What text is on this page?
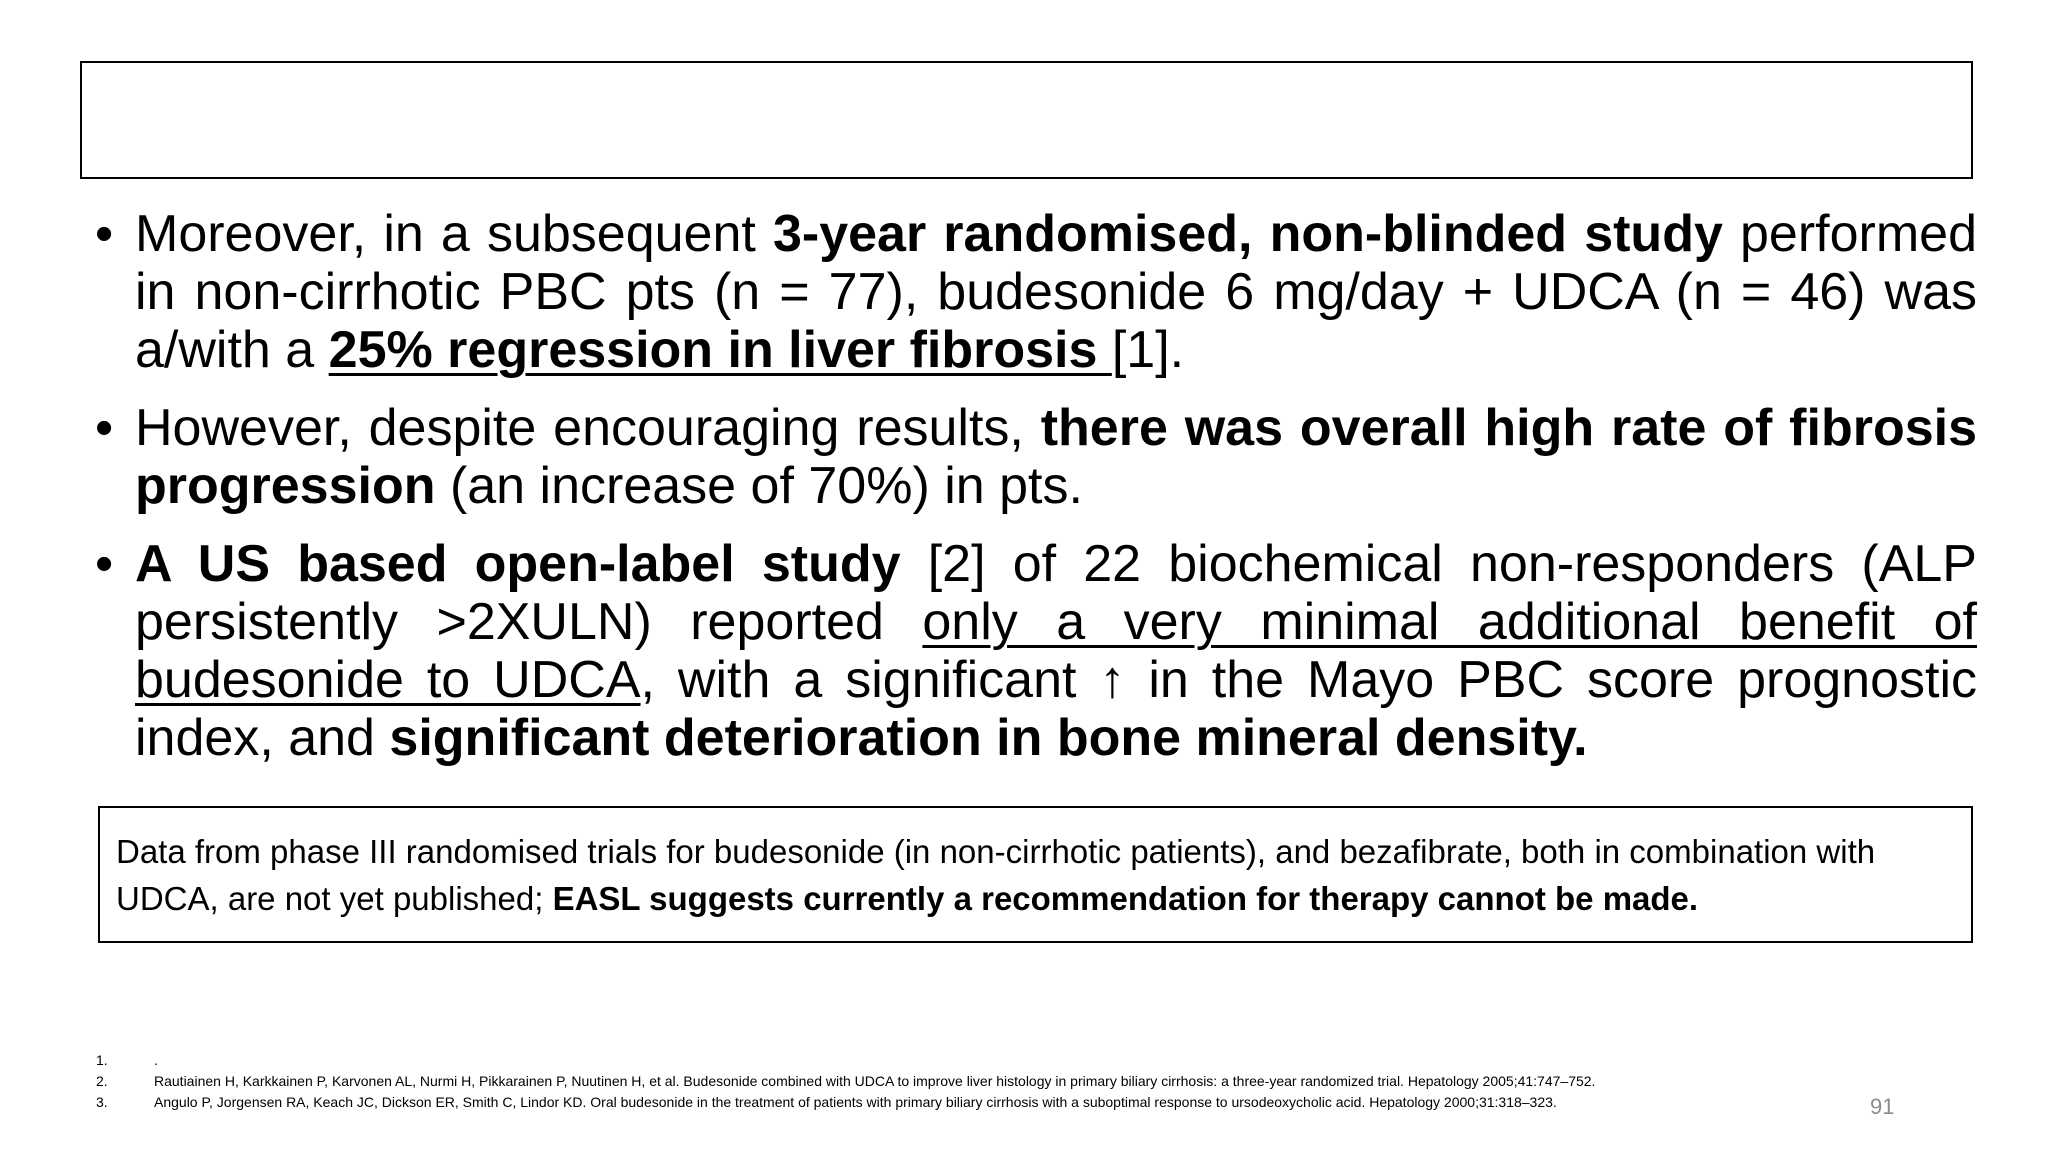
• Moreover, in a subsequent 3-year randomised, non-blinded study performed in non-cirrhotic PBC pts (n = 77), budesonide 6 mg/day + UDCA (n = 46) was a/with a 25% regression in liver fibrosis [1].
• However, despite encouraging results, there was overall high rate of fibrosis progression (an increase of 70%) in pts.
• A US based open-label study [2] of 22 biochemical non-responders (ALP persistently >2XULN) reported only a very minimal additional benefit of budesonide to UDCA, with a significant ↑ in the Mayo PBC score prognostic index, and significant deterioration in bone mineral density.
Data from phase III randomised trials for budesonide (in non-cirrhotic patients), and bezafibrate, both in combination with UDCA, are not yet published; EASL suggests currently a recommendation for therapy cannot be made.
1.	.
2.	Rautiainen H, Karkkainen P, Karvonen AL, Nurmi H, Pikkarainen P, Nuutinen H, et al. Budesonide combined with UDCA to improve liver histology in primary biliary cirrhosis: a three-year randomized trial. Hepatology 2005;41:747–752.
3.	Angulo P, Jorgensen RA, Keach JC, Dickson ER, Smith C, Lindor KD. Oral budesonide in the treatment of patients with primary biliary cirrhosis with a suboptimal response to ursodeoxycholic acid. Hepatology 2000;31:318–323.	91
